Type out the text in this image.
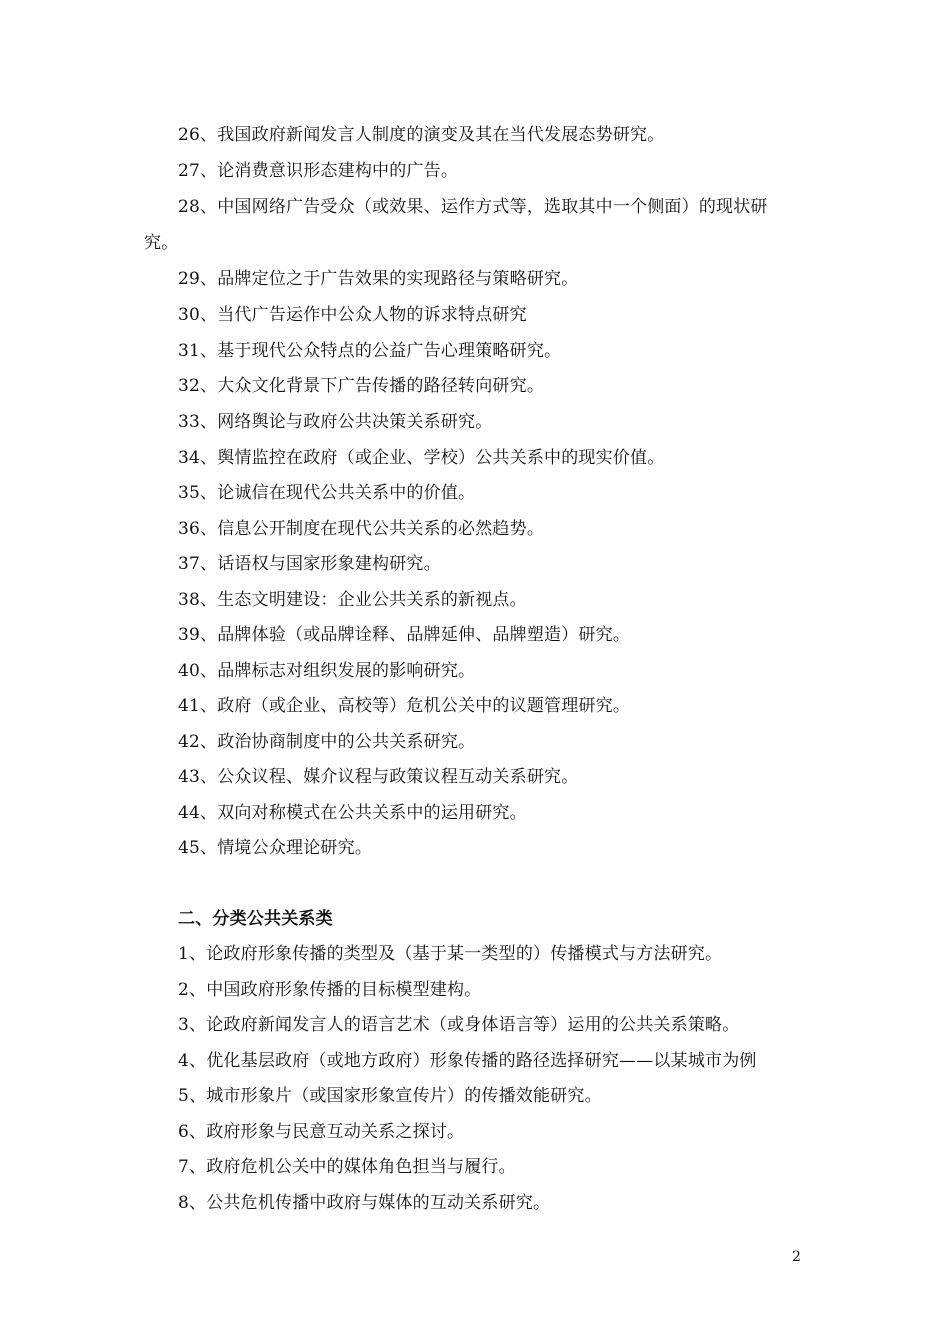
26、我国政府新闻发言人制度的演变及其在当代发展态势研究。
27、论消费意识形态建构中的广告。
28、中国网络广告受众（或效果、运作方式等，选取其中一个侧面）的现状研
究。
29、品牌定位之于广告效果的实现路径与策略研究。
30、当代广告运作中公众人物的诉求特点研究
31、基于现代公众特点的公益广告心理策略研究。
32、大众文化背景下广告传播的路径转向研究。
33、网络舆论与政府公共决策关系研究。
34、舆情监控在政府（或企业、学校）公共关系中的现实价值。
35、论诚信在现代公共关系中的价值。
36、信息公开制度在现代公共关系的必然趋势。
37、话语权与国家形象建构研究。
38、生态文明建设：企业公共关系的新视点。
39、品牌体验（或品牌诠释、品牌延伸、品牌塑造）研究。
40、品牌标志对组织发展的影响研究。
41、政府（或企业、高校等）危机公关中的议题管理研究。
42、政治协商制度中的公共关系研究。
43、公众议程、媒介议程与政策议程互动关系研究。
44、双向对称模式在公共关系中的运用研究。
45、情境公众理论研究。
二、分类公共关系类
1、论政府形象传播的类型及（基于某一类型的）传播模式与方法研究。
2、中国政府形象传播的目标模型建构。
3、论政府新闻发言人的语言艺术（或身体语言等）运用的公共关系策略。
4、优化基层政府（或地方政府）形象传播的路径选择研究——以某城市为例
5、城市形象片（或国家形象宣传片）的传播效能研究。
6、政府形象与民意互动关系之探讨。
7、政府危机公关中的媒体角色担当与履行。
8、公共危机传播中政府与媒体的互动关系研究。
2
